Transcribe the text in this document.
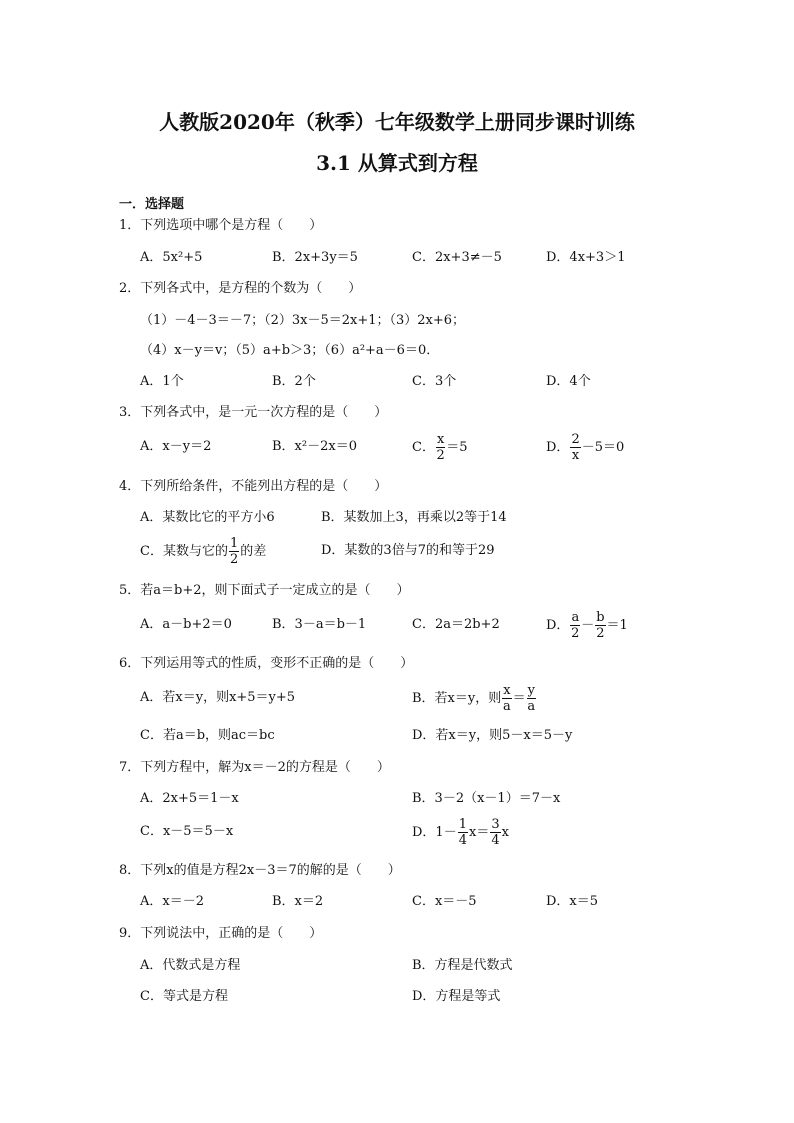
人教版2020年（秋季）七年级数学上册同步课时训练
3.1 从算式到方程
一．选择题
1．下列选项中哪个是方程（　　）
A．5x²+5	B．2x+3y＝5	C．2x+3≠－5	D．4x+3＞1
2．下列各式中，是方程的个数为（　　）
（1）－4－3＝－7；（2）3x－5＝2x+1；（3）2x+6；
（4）x－y＝v；（5）a+b＞3；（6）a²+a－6＝0．
A．1个	B．2个	C．3个	D．4个
3．下列各式中，是一元一次方程的是（　　）
A．x－y＝2	B．x²－2x＝0	C． $\frac{x}{2} =5$	D． $\frac{2}{x} -5=0$
4．下列所给条件，不能列出方程的是（　　）
A．某数比它的平方小6	B．某数加上3，再乘以2等于14
C．某数与它的 $\frac{1}{2}$ 的差	D．某数的3倍与7的和等于29
5．若a＝b+2，则下面式子一定成立的是（　　）
A．a－b+2＝0	B．3－a＝b－1	C．2a＝2b+2	D． $\frac{a}{2} - \frac{b}{2} =1$
6．下列运用等式的性质，变形不正确的是（　　）
A．若x＝y，则x+5＝y+5	B．若x＝y，则 $\frac{x}{a} = \frac{y}{a}$
C．若a＝b，则ac＝bc	D．若x＝y，则5－x＝5－y
7．下列方程中，解为x＝－2的方程是（　　）
A．2x+5＝1－x	B．3－2（x－1）＝7－x
C．x－5＝5－x	D．$1- \frac{1}{4} x= \frac{3}{4}$ x
8．下列x的值是方程2x－3＝7的解的是（　　）
A．x＝－2	B．x＝2	C．x＝－5	D．x＝5
9．下列说法中，正确的是（　　）
A．代数式是方程	B．方程是代数式
C．等式是方程	D．方程是等式
